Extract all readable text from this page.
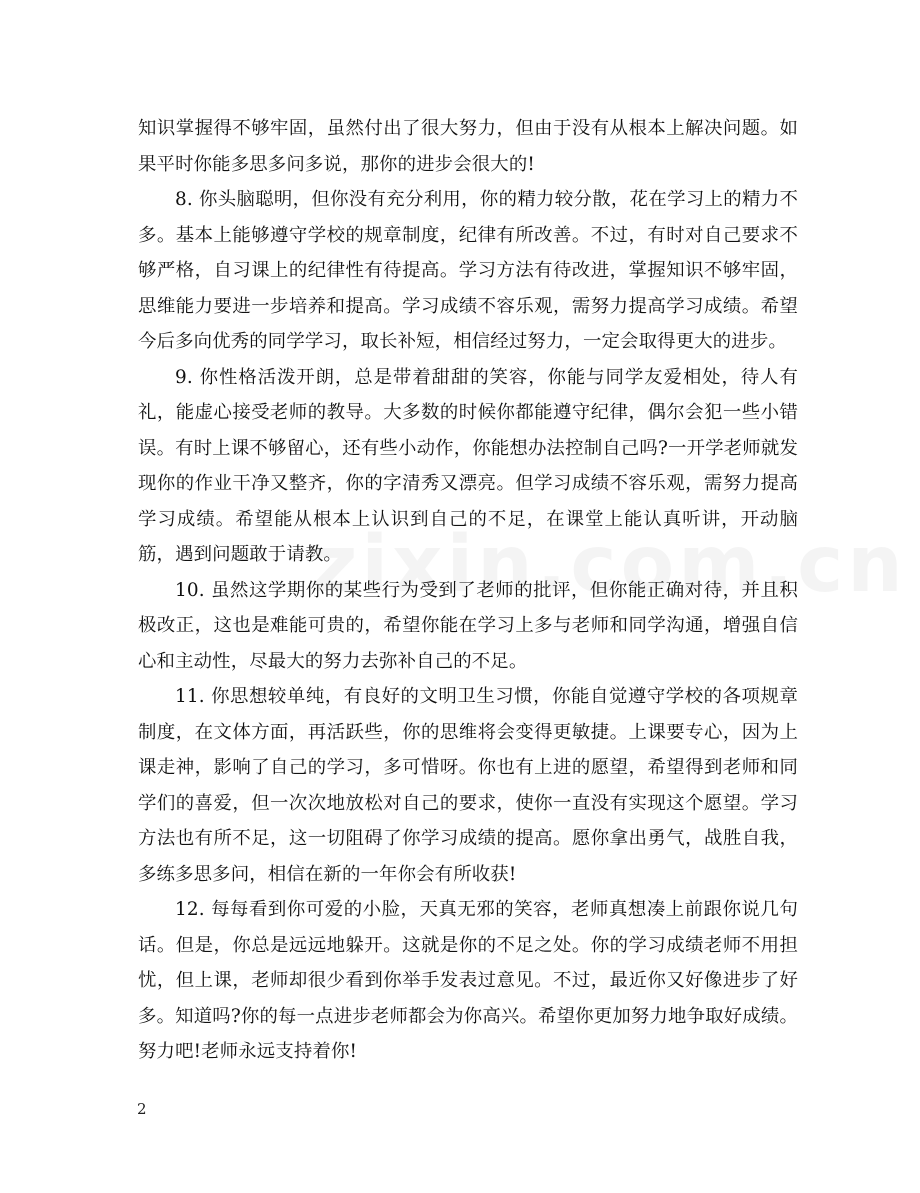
知识掌握得不够牢固，虽然付出了很大努力，但由于没有从根本上解决问题。如果平时你能多思多问多说，那你的进步会很大的!

8. 你头脑聪明，但你没有充分利用，你的精力较分散，花在学习上的精力不多。基本上能够遵守学校的规章制度，纪律有所改善。不过，有时对自己要求不够严格，自习课上的纪律性有待提高。学习方法有待改进，掌握知识不够牢固，思维能力要进一步培养和提高。学习成绩不容乐观，需努力提高学习成绩。希望今后多向优秀的同学学习，取长补短，相信经过努力，一定会取得更大的进步。

9. 你性格活泼开朗，总是带着甜甜的笑容，你能与同学友爱相处，待人有礼，能虚心接受老师的教导。大多数的时候你都能遵守纪律，偶尔会犯一些小错误。有时上课不够留心，还有些小动作，你能想办法控制自己吗?一开学老师就发现你的作业干净又整齐，你的字清秀又漂亮。但学习成绩不容乐观，需努力提高学习成绩。希望能从根本上认识到自己的不足，在课堂上能认真听讲，开动脑筋，遇到问题敢于请教。

10. 虽然这学期你的某些行为受到了老师的批评，但你能正确对待，并且积极改正，这也是难能可贵的，希望你能在学习上多与老师和同学沟通，增强自信心和主动性，尽最大的努力去弥补自己的不足。

11. 你思想较单纯，有良好的文明卫生习惯，你能自觉遵守学校的各项规章制度，在文体方面，再活跃些，你的思维将会变得更敏捷。上课要专心，因为上课走神，影响了自己的学习，多可惜呀。你也有上进的愿望，希望得到老师和同学们的喜爱，但一次次地放松对自己的要求，使你一直没有实现这个愿望。学习方法也有所不足，这一切阻碍了你学习成绩的提高。愿你拿出勇气，战胜自我，多练多思多问，相信在新的一年你会有所收获!

12. 每每看到你可爱的小脸，天真无邪的笑容，老师真想凑上前跟你说几句话。但是，你总是远远地躲开。这就是你的不足之处。你的学习成绩老师不用担忧，但上课，老师却很少看到你举手发表过意见。不过，最近你又好像进步了好多。知道吗?你的每一点进步老师都会为你高兴。希望你更加努力地争取好成绩。努力吧!老师永远支持着你!

2
